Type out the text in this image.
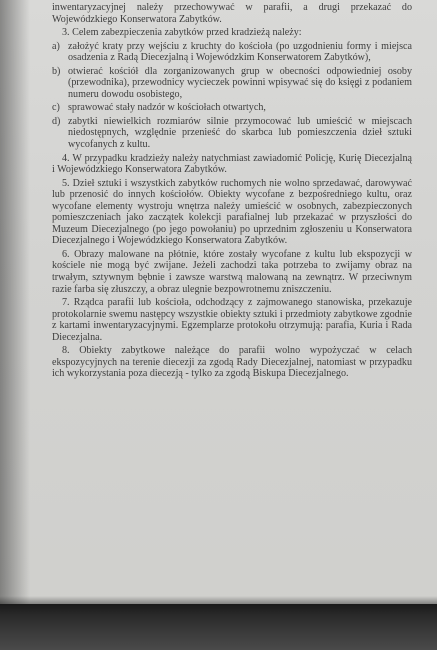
inwentaryzacyjnej należy przechowywać w parafii, a drugi przekazać do Wojewódzkiego Konserwatora Zabytków.

3. Celem zabezpieczenia zabytków przed kradzieżą należy:

a) założyć kraty przy wejściu z kruchty do kościoła (po uzgodnieniu formy i miejsca osadzenia z Radą Diecezjalną i Wojewódzkim Konserwatorem Zabytków),
b) otwierać kościół dla zorganizowanych grup w obecności odpowiedniej osoby (przewodnika), przewodnicy wycieczek powinni wpisywać się do księgi z podaniem numeru dowodu osobistego,
c) sprawować stały nadzór w kościołach otwartych,
d) zabytki niewielkich rozmiarów silnie przymocować lub umieścić w miejscach niedostępnych, względnie przenieść do skarbca lub pomieszczenia dzieł sztuki wycofanych z kultu.

4. W przypadku kradzieży należy natychmiast zawiadomić Policję, Kurię Diecezjalną i Wojewódzkiego Konserwatora Zabytków.

5. Dzieł sztuki i wszystkich zabytków ruchomych nie wolno sprzedawać, darowywać lub przenosić do innych kościołów. Obiekty wycofane z bezpośredniego kultu, oraz wycofane elementy wystroju wnętrza należy umieścić w osobnych, zabezpieczonych pomieszczeniach jako zaczątek kolekcji parafialnej lub przekazać w przyszłości do Muzeum Diecezjalnego (po jego powołaniu) po uprzednim zgłoszeniu u Konserwatora Diecezjalnego i Wojewódzkiego Konserwatora Zabytków.

6. Obrazy malowane na płótnie, które zostały wycofane z kultu lub ekspozycji w kościele nie mogą być zwijane. Jeżeli zachodzi taka potrzeba to zwijamy obraz na trwałym, sztywnym bębnie i zawsze warstwą malowaną na zewnątrz. W przeciwnym razie farba się złuszczy, a obraz ulegnie bezpowrotnemu zniszczeniu.

7. Rządca parafii lub kościoła, odchodzący z zajmowanego stanowiska, przekazuje protokolarnie swemu następcy wszystkie obiekty sztuki i przedmioty zabytkowe zgodnie z kartami inwentaryzacyjnymi. Egzemplarze protokołu otrzymują: parafia, Kuria i Rada Diecezjalna.

8. Obiekty zabytkowe należące do parafii wolno wypożyczać w celach ekspozycyjnych na terenie diecezji za zgodą Rady Diecezjalnej, natomiast w przypadku ich wykorzystania poza diecezją - tylko za zgodą Biskupa Diecezjalnego.
